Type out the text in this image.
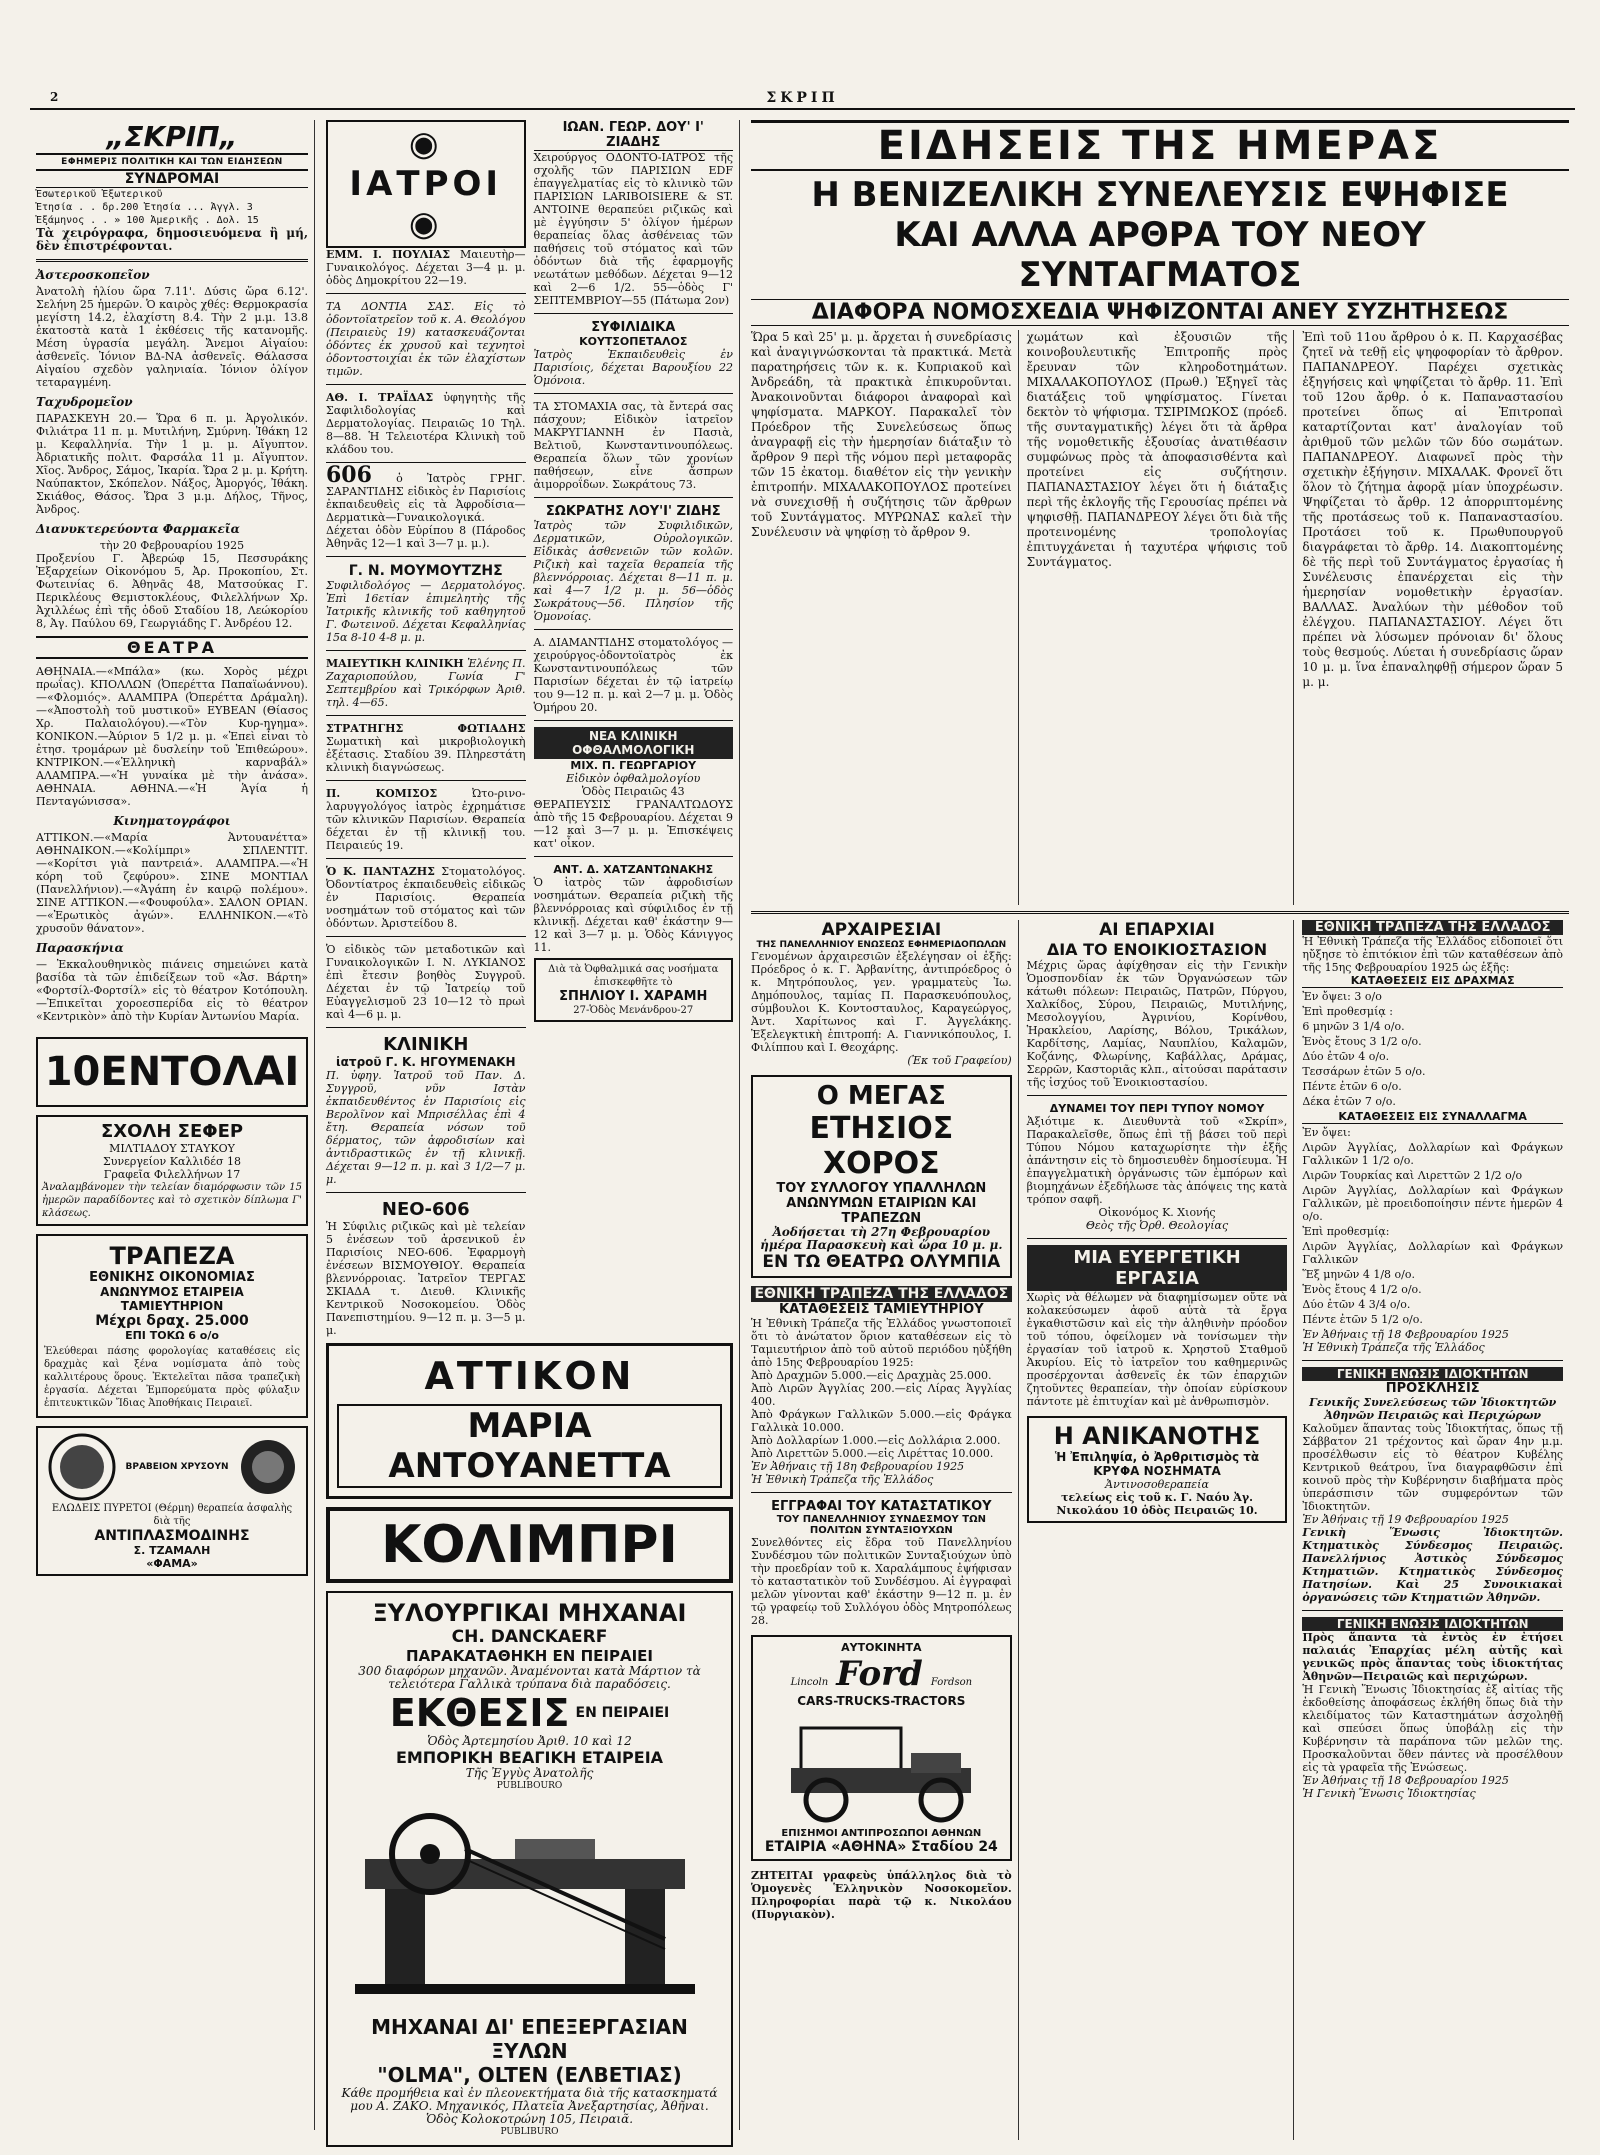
2	ΣΚΡΙΠ
„ΣΚΡΙΠ„
ΕΦΗΜΕΡΙΣ ΠΟΛΙΤΙΚΗ ΚΑΙ ΤΩΝ ΕΙΔΗΣΕΩΝ
ΣΥΝΔΡΟΜΑΙ
Ἐσωτερικοῦ Ἐξωτερικοῦ
Ἐτησία . . δρ.200 Ἐτησία ... Ἀγγλ. 3
Ἑξάμηνος . . » 100 Ἀμερικῆς . Δολ. 15
Τὰ χειρόγραφα, δημοσιευόμενα ἢ μή, δὲν ἐπιστρέφονται.
Ἀστεροσκοπεῖον
Ἀνατολὴ ἡλίου ὥρα 7.11'. Δύσις ὥρα 6.12'. Σελήνη 25 ἡμερῶν. Ὁ καιρὸς χθές: Θερμοκρασία μεγίστη 14.2, ἐλαχίστη 8.4. Τὴν 2 μ.μ. 13.8 ἐκατοστὰ κατὰ 1 ἐκθέσεις τῆς κατανομῆς. Μέση ὑγρασία μεγάλη. Ἄνεμοι Αἰγαίου: ἀσθενεῖς. Ἰόνιον ΒΔ-ΝΑ ἀσθενεῖς. Θάλασσα Αἰγαίου σχεδὸν γαληνιαία. Ἰόνιον ὀλίγον τεταραγμένη.
Ταχυδρομεῖον
ΠΑΡΑΣΚΕΥΗ 20.— Ὥρα 6 π. μ. Ἀργολικόν. Φιλιάτρα 11 π. μ. Μυτιλήνη, Σμύρνη. Ἰθάκη 12 μ. Κεφαλληνία. Τὴν 1 μ. μ. Αἴγυπτον. Ἀδριατικῆς πολιτ. Φαρσάλα 11 μ. Αἴγυπτον. Χῖος. Ἄνδρος, Σάμος, Ἰκαρία. Ὥρα 2 μ. μ. Κρήτη. Ναύπακτον, Σκόπελον. Νάξος, Ἀμοργός, Ἰθάκη. Σκιάθος, Θάσος. Ὥρα 3 μ.μ. Δήλος, Τῆνος, Ἀνδρος.
Διανυκτερεύοντα Φαρμακεῖα
τὴν 20 Φεβρουαρίου 1925
Προξενίου Γ. Ἀβερώφ 15, Πεσσυράκης Ἐξαρχείων Οἰκονόμου 5, Ἀρ. Προκοπίου, Στ. Φωτεινίας 6. Ἀθηνᾶς 48, Ματσούκας Γ. Περικλέους Θεμιστοκλέους, Φιλελλήνων Χρ. Ἀχιλλέως ἐπὶ τῆς ὁδοῦ Σταδίου 18, Λεώκορίου 8, Ἀγ. Παύλου 69, Γεωργιάδης Γ. Ἀνδρέου 12.
ΘΕΑΤΡΑ
ΑΘΗΝΑΙΑ.—«Μπάλα» (κω. Χορὸς μέχρι πρωΐας). ΚΠΟΛΛΩΝ (Ὀπερέττα Παπαϊωάννου).—«Φλομιός». ΑΛΑΜΠΡΑ (Ὀπερέττα Δράμαλη).—«Ἀποστολὴ τοῦ μυστικοῦ» ΕΥΒΕΑΝ (Θίασος Χρ. Παλαιολόγου).—«Τὸν Κυρ-ηγημα». ΚΟΝΙΚΟΝ.—Ἀύριον 5 1/2 μ. μ. «Ἐπεὶ εἶναι τὸ ἐτησ. τρομάρων μὲ δυσλείην τοῦ Ἐπιθεώρου». ΚΝΤΡΙΚΟΝ.—«Ἑλληνικὴ καρναβάλ» ΑΛΑΜΠΡΑ.—«Ἡ γυναίκα μὲ τὴν ἀνάσα». ΑΘΗΝΑΙΑ. ΑΘΗΝΑ.—«Ἡ Ἁγία ἡ Πενταγώνισσα».
Κινηματογράφοι
ΑΤΤΙΚΟΝ.—«Μαρία Ἀντουανέττα» ΑΘΗΝΑΙΚΟΝ.—«Κολίμπρι» ΣΠΛΕΝΤΙΤ.—«Κορίτσι γιὰ παντρειά». ΑΛΑΜΠΡΑ.—«Ἡ κόρη τοῦ ζεφύρου». ΣΙΝΕ ΜΟΝΤΙΑΛ (Πανελλήνιον).—«Ἀγάπη ἐν καιρῷ πολέμου». ΣΙΝΕ ΑΤΤΙΚΟΝ.—«Φουφούλα». ΣΑΛΟΝ ΟΡΙΑΝ.—«Ἐρωτικὸς ἀγών». ΕΛΛΗΝΙΚΟΝ.—«Τὸ χρυσοῦν θάνατον».
Παρασκήνια
— Ἐκκαλουθηνικὸς πιάνεις σημειώνει κατὰ βασίδα τὰ τῶν ἐπιδείξεων τοῦ «Ἀσ. Βάρτη» «Φορτσίλ-Φορτσίλ» εἰς τὸ θέατρον Κοτόπουλη. —Ἐπικεῖται χοροεσπερίδα εἰς τὸ θέατρον «Κεντρικὸν» ἀπὸ τὴν Κυρίαν Ἀντωνίου Μαρία.
10ΕΝΤΟΛΑΙ
ΣΧΟΛΗ ΣΕΦΕΡ
ΜΙΛΤΙΑΔΟΥ ΣΤΑΥΚΟΥ
Συνεργείον Καλλιδέσ 18
Γραφεῖα Φιλελλήνων 17
Ἀναλαμβάνομεν τὴν τελείαν διαμόρφωσιν τῶν 15 ἡμερῶν παραδίδοντες καὶ τὸ σχετικὸν δίπλωμα Γ' κλάσεως.
ΤΡΑΠΕΖΑ
ΕΘΝΙΚΗΣ ΟΙΚΟΝΟΜΙΑΣ
ΑΝΩΝΥΜΟΣ ΕΤΑΙΡΕΙΑ
ΤΑΜΙΕΥΤΗΡΙΟΝ
Μέχρι δραχ. 25.000
ΕΠΙ ΤΟΚΩ 6 ο/ο
Ἐλεύθεραι πάσης φορολογίας καταθέσεις εἰς δραχμὰς καὶ ξένα νομίσματα ἀπὸ τοὺς καλλιτέρους ὅρους. Ἐκτελεῖται πᾶσα τραπεζικὴ ἐργασία. Δέχεται Ἐμπορεύματα πρὸς φύλαξιν ἐπιτευκτικῶν Ἴδιας Ἀποθήκαις Πειραιεῖ.
ΒΡΑΒΕΙΟΝ ΧΡΥΣΟΥΝ
ΕΛΩΔΕΙΣ ΠΥΡΕΤΟΙ (Θέρμη) θεραπεία ἀσφαλὴς διὰ τῆς
ΑΝΤΙΠΛΑΣΜΟΔΙΝΗΣ
Σ. ΤΖΑΜΑΛΗ
«ΦΑΜΑ»
◉ ΙΑΤΡΟΙ ◉
ΕΜΜ. Ι. ΠΟΥΛΙΑΣ Μαιευτὴρ—Γυναικολόγος. Δέχεται 3—4 μ. μ. ὁδὸς Δημοκρίτου 22—19.
ΤΑ ΔΟΝΤΙΑ ΣΑΣ. Εἰς τὸ ὀδοντοϊατρεῖον τοῦ κ. Α. Θεολόγου (Πειραιεὺς 19) κατασκευάζονται ὀδόντες ἐκ χρυσοῦ καὶ τεχνητοὶ ὀδοντοστοιχίαι ἐκ τῶν ἐλαχίστων τιμῶν.
ΑΘ. Ι. ΤΡΑΪΔΑΣ ὑφηγητὴς τῆς Σαφιλιδολογίας καὶ Δερματολογίας. Πειραιῶς 10 Τηλ. 8—88. Ἡ Τελειοτέρα Κλινικὴ τοῦ κλάδου του.
606 ὁ Ἰατρὸς ΓΡΗΓ. ΣΑΡΑΝΤΙΔΗΣ εἰδικὸς ἐν Παρισίοις ἐκπαιδευθεὶς εἰς τὰ Ἀφροδίσια—Δερματικὰ—Γυναικολογικά. Δέχεται ὁδὸν Εὐρίπου 8 (Πάροδος Ἀθηνᾶς 12—1 καὶ 3—7 μ. μ.).
Γ. Ν. ΜΟΥΜΟΥΤΖΗΣ
Συφιλιδολόγος — Δερματολόγος. Ἐπὶ 16ετίαν ἐπιμελητὴς τῆς Ἰατρικῆς κλινικῆς τοῦ καθηγητοῦ Γ. Φωτεινοῦ. Δέχεται Κεφαλληνίας 15α 8-10 4-8 μ. μ.
ΜΑΙΕΥΤΙΚΗ ΚΛΙΝΙΚΗ Ἑλένης Π. Ζαχαριοπούλου, Γωνία Γ' Σεπτεμβρίου καὶ Τρικόρφων Ἀριθ. τηλ. 4—65.
ΣΤΡΑΤΗΓΗΣ ΦΩΤΙΑΔΗΣ Σωματικὴ καὶ μικροβιολογικὴ ἐξέτασις. Σταδίου 39. Πληρεστάτη κλινικὴ διαγνώσεως.
Π. ΚΟΜΙΣΟΣ	Ὠτο-ρινο-λαρυγγολόγος ἰατρὸς ἐχρημάτισε τῶν κλινικῶν Παρισίων. Θεραπεία δέχεται ἐν τῇ κλινικῇ του. Πειραιεύς 19.
Ὁ Κ. ΠΑΝΤΑΖΗΣ Στοματολόγος. Ὀδοντίατρος ἐκπαιδευθεὶς εἰδικῶς ἐν Παρισίοις. Θεραπεία νοσημάτων τοῦ στόματος καὶ τῶν ὀδόντων. Ἀριστείδου 8.
Ὁ εἰδικὸς τῶν μεταδοτικῶν καὶ Γυναικολογικῶν Ι. Ν. ΛΥΚΙΑΝΟΣ ἐπὶ ἔτεσιν βοηθὸς Συγγροῦ. Δέχεται ἐν τῷ Ἰατρείῳ τοῦ Εὐαγγελισμοῦ 23 10—12 τὸ πρωὶ καὶ 4—6 μ. μ.
ΚΛΙΝΙΚΗ
ἰατροῦ Γ. Κ. ΗΓΟΥΜΕΝΑΚΗ
Π. ὑφηγ. Ἰατροῦ τοῦ Παν. Δ. Συγγροῦ, νῦν Ιστὰν ἐκπαιδευθέντος ἐν Παρισίοις εἰς Βερολῖνον καὶ Μπρισέλλας ἐπὶ 4 ἔτη. Θεραπεία νόσων τοῦ δέρματος, τῶν ἀφροδισίων καὶ ἀντιδραστικῶς ἐν τῇ κλινικῇ. Δέχεται 9—12 π. μ. καὶ 3 1/2—7 μ. μ.
ΝΕΟ-606
Ἡ Σύφιλις ριζικῶς καὶ μὲ τελείαν 5 ἐνέσεων τοῦ ἀρσενικοῦ ἐν Παρισίοις ΝΕΟ-606. Ἐφαρμογὴ ἐνέσεων ΒΙΣΜΟΥΘΙΟΥ. Θεραπεία βλεννόρροιας. Ἰατρεῖον ΤΕΡΓΑΣ ΣΚΙΑΔΑ τ. Διευθ. Κλινικῆς Κεντρικοῦ Νοσοκομείου. Ὁδὸς Πανεπιστημίου. 9—12 π. μ. 3—5 μ. μ.
ΙΩΑΝ. ΓΕΩΡ. ΔΟΥ' Ι' ΖΙΑΔΗΣ
Χειρούργος ΟΔΟΝΤΟ-ΙΑΤΡΟΣ τῆς σχολῆς τῶν ΠΑΡΙΣΙΩΝ EDF ἐπαγγελματίας εἰς τὸ κλινικὸ τῶν ΠΑΡΙΣΙΩΝ LARIBOISIERE & ST. ANTOINE θεραπεύει ριζικῶς καὶ μὲ ἐγγύησιν 5' ὀλίγον ἡμέρων θεραπείας ὅλας ἀσθένειας τῶν παθήσεις τοῦ στόματος καὶ τῶν ὀδόντων διὰ τῆς ἐφαρμογῆς νεωτάτων μεθόδων. Δέχεται 9—12 καὶ 2—6 1/2. 55—ὁδὸς Γ' ΣΕΠΤΕΜΒΡΙΟΥ—55 (Πάτωμα 2ον)
ΣΥΦΙΛΙΔΙΚΑ
ΚΟΥΤΣΟΠΕΤΑΛΟΣ
Ἰατρὸς Ἐκπαιδευθεὶς ἐν Παρισίοις, δέχεται Βαρουξίου 22 Ὁμόνοια.
ΤΑ ΣΤΟΜΑΧΙΑ σας, τὰ ἔντερά σας πάσχουν; Εἰδικὸν ἰατρεῖον ΜΑΚΡΥΓΙΑΝΝΗ ἐν Πασιὰ, Βελτιοῦ, Κωνσταντινουπόλεως. Θεραπεία ὅλων τῶν χρονίων παθήσεων, εἶνε ἄσπρων ἀιμορροΐδων. Σωκράτους 73.
ΣΩΚΡΑΤΗΣ ΛΟΥ'Ι' ΖΙΔΗΣ
Ἰατρὸς τῶν Συφιλιδικῶν, Δερματικῶν, Οὐρολογικῶν. Εἰδικὰς ἀσθενειῶν τῶν κολῶν. Ριζικὴ καὶ ταχεῖα θεραπεία τῆς βλεννόρροιας. Δέχεται 8—11 π. μ. καὶ 4—7 1/2 μ. μ. 56—ὁδὸς Σωκράτους—56. Πλησίον τῆς Ὁμονοίας.
Α. ΔΙΑΜΑΝΤΙΔΗΣ στοματολόγος — χειρούργος-ὀδοντοϊατρὸς ἐκ Κωνσταντινουπόλεως τῶν Παρισίων δέχεται ἐν τῷ ἰατρείῳ του 9—12 π. μ. καὶ 2—7 μ. μ. Ὁδὸς Ὁμήρου 20.
ΝΕΑ ΚΛΙΝΙΚΗ ΟΦΘΑΛΜΟΛΟΓΙΚΗ
ΜΙΧ. Π. ΓΕΩΡΓΑΡΙΟΥ
Εἰδικὸν ὀφθαλμολογίου
Ὁδὸς Πειραιῶς 43
ΘΕΡΑΠΕΥΣΙΣ ΓΡΑΝΑΛΤΩΔΟΥΣ ἀπὸ τῆς 15 Φεβρουαρίου. Δέχεται 9—12 καὶ 3—7 μ. μ. Ἐπισκέψεις κατ' οἶκον.
ΑΝΤ. Δ. ΧΑΤΖΑΝΤΩΝΑΚΗΣ
Ὁ ἰατρὸς τῶν ἀφροδισίων νοσημάτων. Θεραπεία ριζικὴ τῆς βλεννόρροιας καὶ σύφιλιδος ἐν τῇ κλινικῇ. Δέχεται καθ' ἑκάστην 9—12 καὶ 3—7 μ. μ. Ὁδὸς Κάνιγγος 11.
Διὰ τὰ Ὀφθαλμικά σας νοσήματα
ἐπισκεφθῆτε τὸ
ΣΠΗΛΙΟΥ Ι. ΧΑΡΑΜΗ
27-Ὁδὸς Μενάνδρου-27
ΑΤΤΙΚΟΝ
ΜΑΡΙΑ ΑΝΤΟΥΑΝΕΤΤΑ
ΚΟΛΙΜΠΡΙ
ΞΥΛΟΥΡΓΙΚΑΙ ΜΗΧΑΝΑΙ
CH. DANCKAERF
ΠΑΡΑΚΑΤΑΘΗΚΗ ΕΝ ΠΕΙΡΑΙΕΙ
300 διαφόρων μηχανῶν. Ἀναμένονται κατὰ Μάρτιον τὰ τελειότερα Γαλλικὰ τρύπανα διὰ παραδόσεις.
ΕΚΘΕΣΙΣ ΕΝ ΠΕΙΡΑΙΕΙ
Ὁδὸς Ἀρτεμησίου Ἀριθ. 10 καὶ 12
ΕΜΠΟΡΙΚΗ ΒΕΑΓΙΚΗ ΕΤΑΙΡΕΙΑ
Τῆς Ἐγγὺς Ἀνατολῆς
PUBLIBOURO
ΜΗΧΑΝΑΙ ΔΙ' ΕΠΕΞΕΡΓΑΣΙΑΝ ΞΥΛΩΝ
"OLMA", OLTEN (ΕΛΒΕΤΙΑΣ)
Κάθε προμήθεια καὶ ἐν πλεονεκτήματα διὰ τῆς κατασκηματά μου Α. ΖΑΚΟ. Μηχανικός, Πλατεῖα Ἀνεξαρτησίας, Ἀθῆναι. Ὁδὸς Κολοκοτρώνη 105, Πειραιᾶ.
PUBLIBURO
ΕΙΔΗΣΕΙΣ ΤΗΣ ΗΜΕΡΑΣ
Η ΒΕΝΙΖΕΛΙΚΗ ΣΥΝΕΛΕΥΣΙΣ ΕΨΗΦΙΣΕ
ΚΑΙ ΑΛΛΑ ΑΡΘΡΑ ΤΟΥ ΝΕΟΥ ΣΥΝΤΑΓΜΑΤΟΣ
ΔΙΑΦΟΡΑ ΝΟΜΟΣΧΕΔΙΑ ΨΗΦΙΖΟΝΤΑΙ ΑΝΕΥ ΣΥΖΗΤΗΣΕΩΣ
Ὥρα 5 καὶ 25' μ. μ. ἄρχεται ἡ συνεδρίασις καὶ ἀναγιγνώσκονται τὰ πρακτικά. Μετὰ παρατηρήσεις τῶν κ. κ. Κυπριακοῦ καὶ Ἀνδρεάδη, τὰ πρακτικὰ ἐπικυροῦνται. Ἀνακοινοῦνται διάφοροι ἀναφοραὶ καὶ ψηφίσματα. ΜΑΡΚΟΥ. Παρακαλεῖ τὸν Πρόεδρον τῆς Συνελεύσεως ὅπως ἀναγραφῇ εἰς τὴν ἡμερησίαν διάταξιν τὸ ἄρθρον 9 περὶ τῆς νόμου περὶ μεταφορᾶς τῶν 15 ἐκατομ. διαθέτον εἰς τὴν γενικὴν ἐπιτροπήν. ΜΙΧΑΛΑΚΟΠΟΥΛΟΣ προτείνει νὰ συνεχισθῇ ἡ συζήτησις τῶν ἄρθρων τοῦ Συντάγματος. ΜΥΡΩΝΑΣ καλεῖ τὴν Συνέλευσιν νὰ ψηφίσῃ τὸ ἄρθρον 9.
χωμάτων καὶ ἐξουσιῶν τῆς κοινοβουλευτικῆς Ἐπιτροπῆς πρὸς ἔρευναν τῶν κληροδοτημάτων. ΜΙΧΑΛΑΚΟΠΟΥΛΟΣ (Πρωθ.) Ἐξηγεῖ τὰς διατάξεις τοῦ ψηφίσματος. Γίνεται δεκτὸν τὸ ψήφισμα. ΤΣΙΡΙΜΩΚΟΣ (πρόεδ. τῆς συνταγματικῆς) λέγει ὅτι τὰ ἄρθρα τῆς νομοθετικῆς ἐξουσίας ἀνατιθέασιν συμφώνως πρὸς τὰ ἀποφασισθέντα καὶ προτείνει εἰς συζήτησιν. ΠΑΠΑΝΑΣΤΑΣΙΟΥ λέγει ὅτι ἡ διάταξις περὶ τῆς ἐκλογῆς τῆς Γερουσίας πρέπει νὰ ψηφισθῇ. ΠΑΠΑΝΔΡΕΟΥ λέγει ὅτι διὰ τῆς προτεινομένης τροπολογίας ἐπιτυγχάνεται ἡ ταχυτέρα ψήφισις τοῦ Συντάγματος.
Ἐπὶ τοῦ 11ου ἄρθρου ὁ κ. Π. Καρχασέβας ζητεῖ νὰ τεθῇ εἰς ψηφοφορίαν τὸ ἄρθρον. ΠΑΠΑΝΔΡΕΟΥ. Παρέχει σχετικὰς ἐξηγήσεις καὶ ψηφίζεται τὸ ἄρθρ. 11. Ἐπὶ τοῦ 12ου ἄρθρ. ὁ κ. Παπαναστασίου προτείνει ὅπως αἱ Ἐπιτροπαὶ καταρτίζονται κατ' ἀναλογίαν τοῦ ἀριθμοῦ τῶν μελῶν τῶν δύο σωμάτων. ΠΑΠΑΝΔΡΕΟΥ. Διαφωνεῖ πρὸς τὴν σχετικὴν ἐξήγησιν. ΜΙΧΑΛΑΚ. Φρονεῖ ὅτι ὅλον τὸ ζήτημα ἀφορᾷ μίαν ὑποχρέωσιν. Ψηφίζεται τὸ ἄρθρ. 12 ἀπορριπτομένης τῆς προτάσεως τοῦ κ. Παπαναστασίου. Προτάσει τοῦ κ. Πρωθυπουργοῦ διαγράφεται τὸ ἄρθρ. 14. Διακοπτομένης δὲ τῆς περὶ τοῦ Συντάγματος ἐργασίας ἡ Συνέλευσις ἐπανέρχεται εἰς τὴν ἡμερησίαν νομοθετικὴν ἐργασίαν. ΒΑΛΛΑΣ. Ἀναλύων τὴν μέθοδον τοῦ ἐλέγχου. ΠΑΠΑΝΑΣΤΑΣΙΟΥ. Λέγει ὅτι πρέπει νὰ λύσωμεν πρόνοιαν δι' ὅλους τοὺς θεσμούς. Λύεται ἡ συνεδρίασις ὥραν 10 μ. μ. ἵνα ἐπαναληφθῇ σήμερον ὥραν 5 μ. μ.
ΑΡΧΑΙΡΕΣΙΑΙ
ΤΗΣ ΠΑΝΕΛΛΗΝΙΟΥ ΕΝΩΣΕΩΣ ΕΦΗΜΕΡΙΔΟΠΩΛΩΝ
Γενομένων ἀρχαιρεσιῶν ἐξελέγησαν οἱ ἑξῆς: Πρόεδρος ὁ κ. Γ. Ἀρβανίτης, ἀντιπρόεδρος ὁ κ. Μητρόπουλος, γεν. γραμματεὺς Ἰω. Δημόπουλος, ταμίας Π. Παρασκευόπουλος, σύμβουλοι Κ. Κοντοσταυλος, Καραγεώργος, Ἀντ. Χαρίτωνος καὶ Γ. Ἀγγελάκης. Ἐξελεγκτικὴ ἐπιτροπή: Α. Γιαννικόπουλος, Ι. Φιλίππου καὶ Ι. Θεοχάρης.
(Ἐκ τοῦ Γραφείου)
Ο ΜΕΓΑΣ
ΕΤΗΣΙΟΣ ΧΟΡΟΣ
ΤΟΥ ΣΥΛΛΟΓΟΥ ΥΠΑΛΛΗΛΩΝ
ΑΝΩΝΥΜΩΝ ΕΤΑΙΡΙΩΝ ΚΑΙ ΤΡΑΠΕΖΩΝ
Ἀοδήσεται τὴ 27η Φεβρουαρίου ἡμέρα Παρασκευὴ καὶ ὥρα 10 μ. μ.
ΕΝ ΤΩ ΘΕΑΤΡΩ ΟΛΥΜΠΙΑ
ΕΘΝΙΚΗ ΤΡΑΠΕΖΑ ΤΗΣ ΕΛΛΑΔΟΣ
ΚΑΤΑΘΕΣΕΙΣ ΤΑΜΙΕΥΤΗΡΙΟΥ
Ἡ Ἐθνικὴ Τράπεζα τῆς Ἑλλάδος γνωστοποιεῖ ὅτι τὸ ἀνώτατον ὅριον καταθέσεων εἰς τὸ Ταμιευτήριον ἀπὸ τοῦ αὐτοῦ περιόδου ηὐξήθη ἀπὸ 15ης Φεβρουαρίου 1925:
Ἀπὸ Δραχμῶν 5.000.—εἰς Δραχμὰς 25.000.
Ἀπὸ Λιρῶν Ἀγγλίας 200.—εἰς Λίρας Ἀγγλίας 400.
Ἀπὸ Φράγκων Γαλλικῶν 5.000.—εἰς Φράγκα Γαλλικὰ 10.000.
Ἀπὸ Δολλαρίων 1.000.—εἰς Δολλάρια 2.000.
Ἀπὸ Λιρεττῶν 5.000.—εἰς Λιρέττας 10.000.
Ἐν Ἀθήναις τῇ 18η Φεβρουαρίου 1925
Ἡ Ἐθνικὴ Τράπεζα τῆς Ἑλλάδος
ΕΓΓΡΑΦΑΙ ΤΟΥ ΚΑΤΑΣΤΑΤΙΚΟΥ
ΤΟΥ ΠΑΝΕΛΛΗΝΙΟΥ ΣΥΝΔΕΣΜΟΥ ΤΩΝ ΠΟΛΙΤΩΝ ΣΥΝΤΑΞΙΟΥΧΩΝ
Συνελθόντες εἰς ἔδρα τοῦ Πανελληνίου Συνδέσμου τῶν πολιτικῶν Συνταξιούχων ὑπὸ τὴν προεδρίαν τοῦ κ. Χαραλάμπους ἐψήφισαν τὸ καταστατικὸν τοῦ Συνδέσμου. Αἱ ἐγγραφαὶ μελῶν γίνονται καθ' ἑκάστην 9—12 π. μ. ἐν τῷ γραφείῳ τοῦ Συλλόγου ὁδὸς Μητροπόλεως 28.
ΑΥΤΟΚΙΝΗΤΑ
Lincoln Ford Fordson
CARS-TRUCKS-TRACTORS
ΕΠΙΣΗΜΟΙ ΑΝΤΙΠΡΟΣΩΠΟΙ ΑΘΗΝΩΝ
ΕΤΑΙΡΙΑ «ΑΘΗΝΑ» Σταδίου 24
ΖΗΤΕΙΤΑΙ γραφεὺς ὑπάλληλος διὰ τὸ Ὁμογενὲς Ἑλληνικὸν Νοσοκομεῖον. Πληροφορίαι παρὰ τῷ κ. Νικολάου (Πυργιακὸν).
ΑΙ ΕΠΑΡΧΙΑΙ
ΔΙΑ ΤΟ ΕΝΟΙΚΙΟΣΤΑΣΙΟΝ
Μέχρις ὥρας ἀφίχθησαν εἰς τὴν Γενικὴν Ὁμοσπονδίαν ἐκ τῶν Ὀργανώσεων τῶν κάτωθι πόλεων: Πειραιῶς, Πατρῶν, Πύργου, Χαλκίδος, Σύρου, Πειραιῶς, Μυτιλήνης, Μεσολογγίου, Ἀγρινίου, Κορίνθου, Ἡρακλείου, Λαρίσης, Βόλου, Τρικάλων, Καρδίτσης, Λαμίας, Ναυπλίου, Καλαμῶν, Κοζάνης, Φλωρίνης, Καβάλλας, Δράμας, Σερρῶν, Καστοριᾶς κλπ., αἰτούσαι παράτασιν τῆς ἰσχύος τοῦ Ἐνοικιοστασίου.
ΔΥΝΑΜΕΙ ΤΟΥ ΠΕΡΙ ΤΥΠΟΥ ΝΟΜΟΥ
Ἀξιότιμε κ. Διευθυντὰ τοῦ «Σκρίπ», Παρακαλεῖσθε, ὅπως ἐπὶ τῇ βάσει τοῦ περὶ Τύπου Νόμου καταχωρίσητε τὴν ἑξῆς ἀπάντησιν εἰς τὸ δημοσιευθὲν δημοσίευμα. Ἡ ἐπαγγελματικὴ ὀργάνωσις τῶν ἐμπόρων καὶ βιομηχάνων ἐξεδήλωσε τὰς ἀπόψεις της κατὰ τρόπον σαφῆ.
Οἰκονόμος Κ. Χιονής
Θεὸς τῆς Ὀρθ. Θεολογίας
ΜΙΑ ΕΥΕΡΓΕΤΙΚΗ ΕΡΓΑΣΙΑ
Χωρὶς νὰ θέλωμεν νὰ διαφημίσωμεν οὔτε νὰ κολακεύσωμεν ἀφοῦ αὐτὰ τὰ ἔργα ἐγκαθιστῶσιν καὶ εἰς τὴν ἀληθινὴν πρόοδον τοῦ τόπου, ὀφείλομεν νὰ τονίσωμεν τὴν ἐργασίαν τοῦ ἰατροῦ κ. Χρηστοῦ Σταθμοῦ Ἀκυρίου. Εἰς τὸ ἰατρεῖον του καθημερινῶς προσέρχονται ἀσθενεῖς ἐκ τῶν ἐπαρχιῶν ζητοῦντες θεραπείαν, τὴν ὁποίαν εὑρίσκουν πάντοτε μὲ ἐπιτυχίαν καὶ μὲ ἀνθρωπισμὸν.
Η ΑΝΙΚΑΝΟΤΗΣ
Ἡ Ἐπιληψία, ὁ Ἀρθριτισμὸς τὰ ΚΡΥΦΑ ΝΟΣΗΜΑΤΑ
Ἀντινοσοθεραπεία
τελείως εἰς τοῦ κ. Γ. Ναόυ Ἀγ. Νικολάου 10 ὁδὸς Πειραιῶς 10.
ΕΘΝΙΚΗ ΤΡΑΠΕΖΑ ΤΗΣ ΕΛΛΑΔΟΣ
Ἡ Ἐθνικὴ Τράπεζα τῆς Ἑλλάδος εἰδοποιεῖ ὅτι ηὔξησε τὸ ἐπιτόκιον ἐπὶ τῶν καταθέσεων ἀπὸ τῆς 15ης Φεβρουαρίου 1925 ὡς ἑξῆς:
ΚΑΤΑΘΕΣΕΙΣ ΕΙΣ ΔΡΑΧΜΑΣ
Ἐν ὄψει: 3 ο/ο
Ἐπὶ προθεσμίᾳ :
6 μηνῶν 3 1/4 ο/ο.
Ἑνὸς ἔτους 3 1/2 ο/ο.
Δύο ἐτῶν 4 ο/ο.
Τεσσάρων ἐτῶν 5 ο/ο.
Πέντε ἐτῶν 6 ο/ο.
Δέκα ἐτῶν 7 ο/ο.
ΚΑΤΑΘΕΣΕΙΣ ΕΙΣ ΣΥΝΑΛΛΑΓΜΑ
Ἐν ὄψει:
Λιρῶν Ἀγγλίας, Δολλαρίων καὶ Φράγκων Γαλλικῶν 1 1/2 ο/ο.
Λιρῶν Τουρκίας καὶ Λιρεττῶν 2 1/2 ο/ο
Λιρῶν Ἀγγλίας, Δολλαρίων καὶ Φράγκων Γαλλικῶν, μὲ προειδοποίησιν πέντε ἡμερῶν 4 ο/ο.
Ἐπὶ προθεσμίᾳ:
Λιρῶν Ἀγγλίας, Δολλαρίων καὶ Φράγκων Γαλλικῶν
Ἕξ μηνῶν 4 1/8 ο/ο.
Ἑνὸς ἔτους 4 1/2 ο/ο.
Δύο ἐτῶν 4 3/4 ο/ο.
Πέντε ἐτῶν 5 1/2 ο/ο.
Ἐν Ἀθήναις τῇ 18 Φεβρουαρίου 1925
Ἡ Ἐθνικὴ Τράπεζα τῆς Ἑλλάδος
ΓΕΝΙΚΗ ΕΝΩΣΙΣ ΙΔΙΟΚΤΗΤΩΝ
ΠΡΟΣΚΛΗΣΙΣ
Γενικῆς Συνελεύσεως τῶν Ἰδιοκτητῶν Ἀθηνῶν Πειραιῶς καὶ Περιχώρων
Καλοῦμεν ἅπαντας τοὺς Ἰδιοκτήτας, ὅπως τῇ Σάββατον 21 τρέχοντος καὶ ὥραν 4ην μ.μ. προσέλθωσιν εἰς τὸ θέατρον Κυβέλης Κεντρικοῦ θεάτρου, ἵνα διαγραφθῶσιν ἐπὶ κοινοῦ πρὸς τὴν Κυβέρνησιν διαβήματα πρὸς ὑπεράσπισιν τῶν συμφερόντων τῶν Ἰδιοκτητῶν.
Ἐν Ἀθήναις τῇ 19 Φεβρουαρίου 1925
Γενικὴ Ἕνωσις Ἰδιοκτητῶν. Κτηματικὸς Σύνδεσμος Πειραιῶς. Πανελλήνιος Ἀστικὸς Σύνδεσμος Κτηματιῶν. Κτηματικὸς Σύνδεσμος Πατησίων. Καὶ 25 Συνοικιακαὶ ὀργανώσεις τῶν Κτηματιῶν Ἀθηνῶν.
ΓΕΝΙΚΗ ΕΝΩΣΙΣ ΙΔΙΟΚΤΗΤΩΝ
Πρὸς ἅπαντα τὰ ἐντὸς ἐν ἐτήσει παλαιάς Ἐπαρχίας μέλη αὐτῆς καὶ γενικῶς πρὸς ἅπαντας τοὺς ἰδιοκτήτας Ἀθηνῶν—Πειραιῶς καὶ περιχώρων.
Ἡ Γενικὴ Ἕνωσις Ἰδιοκτησίας ἐξ αἰτίας τῆς ἐκδοθείσης ἀποφάσεως ἐκλήθη ὅπως διὰ τὴν κλειδίματος τῶν Καταστημάτων ἀσχοληθῇ καὶ σπεύσει ὅπως ὑποβάλῃ εἰς τὴν Κυβέρνησιν τὰ παράπονα τῶν μελῶν της. Προσκαλοῦνται ὅθεν πάντες νὰ προσέλθουν εἰς τὰ γραφεῖα τῆς Ἑνώσεως.
Ἐν Ἀθήναις τῇ 18 Φεβρουαρίου 1925
Ἡ Γενικὴ Ἕνωσις Ἰδιοκτησίας
